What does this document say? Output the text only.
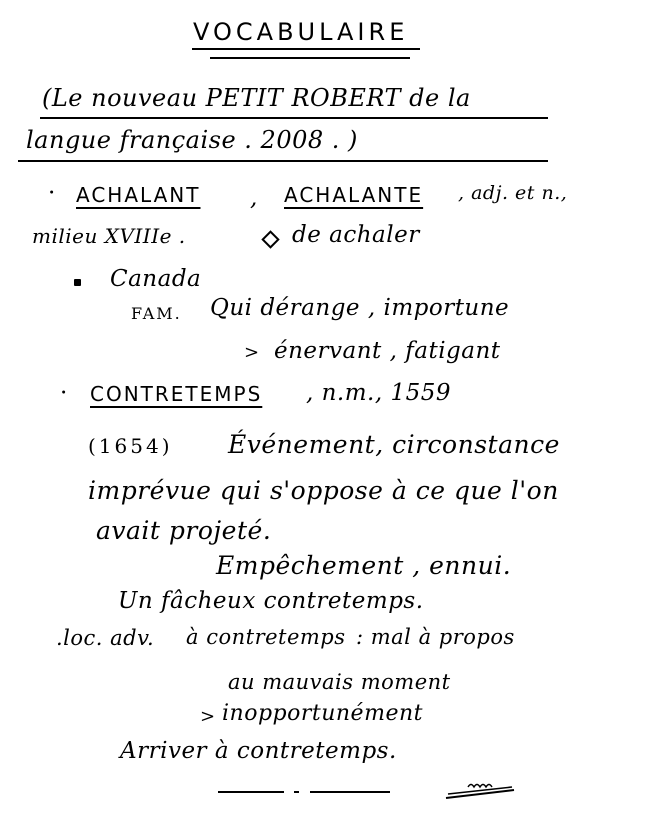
VOCABULAIRE
(Le nouveau PETIT ROBERT de la
langue française . 2008 . )
· ACHALANT , ACHALANTE , adj. et n.,
milieu XVIIIe .	de achaler
Canada
FAM. Qui dérange , importune
> énervant , fatigant
· CONTRETEMPS , n.m., 1559
(1654) Événement, circonstance
imprévue qui s'oppose à ce que l'on
avait projeté.
Empêchement , ennui.
Un fâcheux contretemps.
.loc. adv. à contretemps : mal à propos
au mauvais moment
> inopportunément
Arriver à contretemps.
